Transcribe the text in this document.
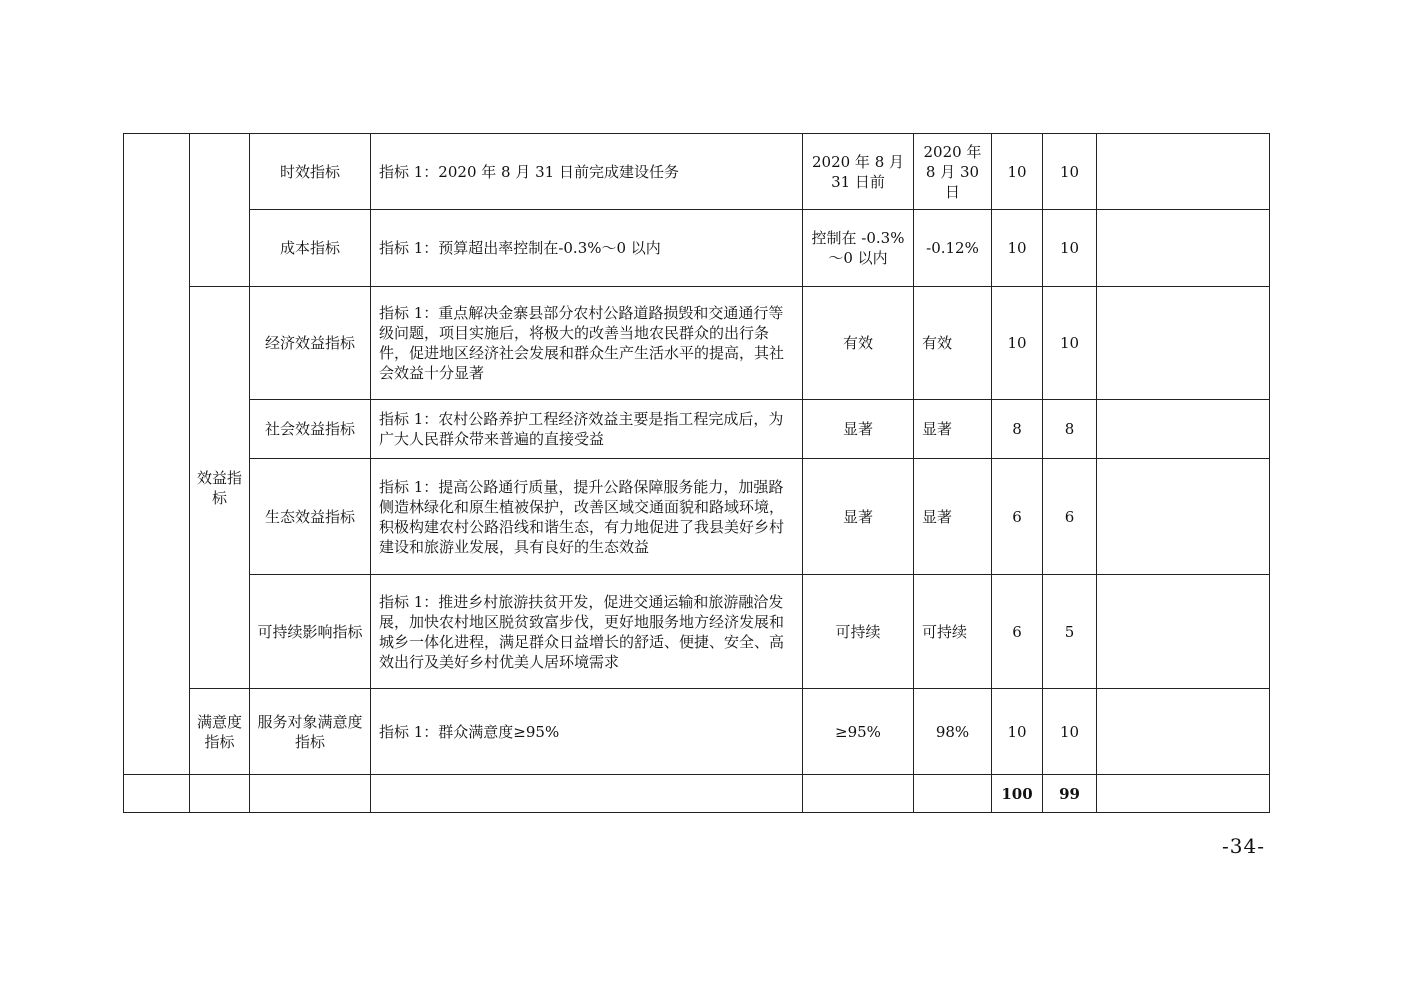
		时效指标	指标 1：2020 年 8 月 31 日前完成建设任务	2020 年 8 月 31 日前	2020 年 8 月 30 日	10	10	
		成本指标	指标 1：预算超出率控制在-0.3%～0 以内	控制在 -0.3%～0 以内	-0.12%	10	10	
	效益指标	经济效益指标	指标 1：重点解决金寨县部分农村公路道路损毁和交通通行等级问题，项目实施后，将极大的改善当地农民群众的出行条件，促进地区经济社会发展和群众生产生活水平的提高，其社会效益十分显著	有效	有效	10	10	
		社会效益指标	指标 1：农村公路养护工程经济效益主要是指工程完成后，为广大人民群众带来普遍的直接受益	显著	显著	8	8	
		生态效益指标	指标 1：提高公路通行质量，提升公路保障服务能力，加强路侧造林绿化和原生植被保护，改善区域交通面貌和路域环境，积极构建农村公路沿线和谐生态，有力地促进了我县美好乡村建设和旅游业发展，具有良好的生态效益	显著	显著	6	6	
		可持续影响指标	指标 1：推进乡村旅游扶贫开发，促进交通运输和旅游融洽发展，加快农村地区脱贫致富步伐，更好地服务地方经济发展和城乡一体化进程，满足群众日益增长的舒适、便捷、安全、高效出行及美好乡村优美人居环境需求	可持续	可持续	6	5	
	满意度指标	服务对象满意度指标	指标 1：群众满意度≥95%	≥95%	98%	10	10	
						100	99	
-34-
